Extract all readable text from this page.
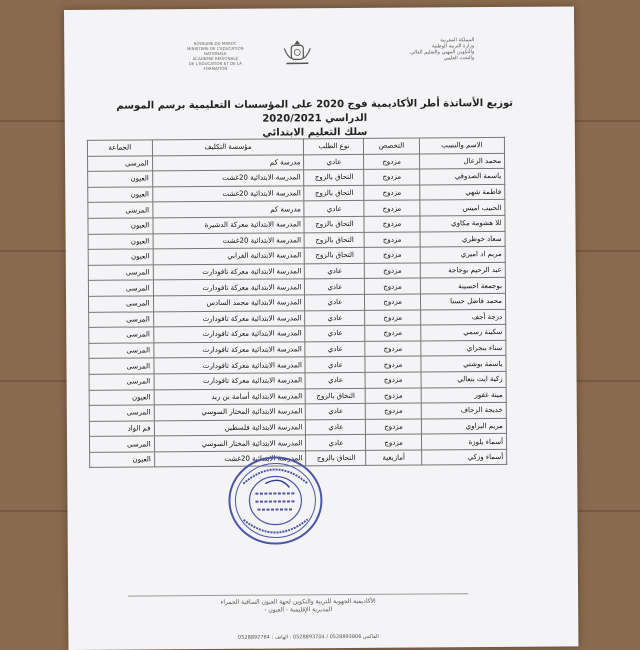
ROYAUME DU MAROC
MINISTERE DE L'EDUCATION NATIONALE
ACADEMIE REGIONALE
DE L'EDUCATION ET DE LA FORMATION
المملكة المغربية
وزارة التربية الوطنية
والتكوين المهني والتعليم العالي
والبحث العلمي
توزيع الأساتذة أطر الأكاديمية فوج 2020 على المؤسسات التعليمية برسم الموسم الدراسي 2020/2021
سلك التعليم الابتدائي
الاسم والنسب	التخصص	نوع الطلب	مؤسسة التكليف	الجماعة
محمد الزعال	مزدوج	عادي	مدرسة كم	المرسى
ياسمة الصدوقي	مزدوج	التحاق بالزوج	المدرسة الابتدائية 20غشت	العيون
فاطمة شهي	مزدوج	التحاق بالزوج	المدرسة الابتدائية 20غشت	العيون
الحبيب اميس	مزدوج	عادي	مدرسة كم	المرسى
للا هشومة مكاوي	مزدوج	التحاق بالزوج	المدرسة الابتدائية معركة الدشيرة	العيون
سعاد خوطري	مزدوج	التحاق بالزوج	المدرسة الابتدائية 20غشت	العيون
مريم اد اميري	مزدوج	التحاق بالزوج	المدرسة الابتدائية الفرابي	العيون
عبد الرحيم بوجاجة	مزدوج	عادي	المدرسة الابتدائية معركة تافودارت	المرسى
بوجمعة احسينة	مزدوج	عادي	المدرسة الابتدائية معركة تافودارت	المرسى
محمد فاضل حسنا	مزدوج	عادي	المدرسة الابتدائية محمد السادس	المرسى
درجة أجف	مزدوج	عادي	المدرسة الابتدائية معركة تافودارت	المرسى
سكينة رسمي	مزدوج	عادي	المدرسة الابتدائية معركة تافودارت	المرسى
سناء بنجراي	مزدوج	عادي	المدرسة الابتدائية معركة تافودارت	المرسى
ياسمة بوشتي	مزدوج	عادي	المدرسة الابتدائية معركة تافودارت	المرسى
زكية ايت بنعالي	مزدوج	عادي	المدرسة الابتدائية معركة تافودارت	المرسى
مينة غفور	مزدوج	التحاق بالزوج	المدرسة الابتدائية أسامة بن زيد	العيون
خديجة الزحاف	مزدوج	عادي	المدرسة الابتدائية المختار السوسي	المرسى
مريم البزاوي	مزدوج	عادي	المدرسة الابتدائية فلسطين	فم الواد
أسماء بلوزة	مزدوج	عادي	المدرسة الابتدائية المختار السوسي	المرسى
أسماء وزكي	أمازيغية	التحاق بالزوج	المدرسة الابتدائية 20غشت	العيون
الأكاديمية الجهوية للتربية والتكوين لجهة العيون الساقية الحمراء
المديرية الإقليمية - العيون -
0528892764 : الفاكس 0528893806 / 0528893704 : الهاتف
